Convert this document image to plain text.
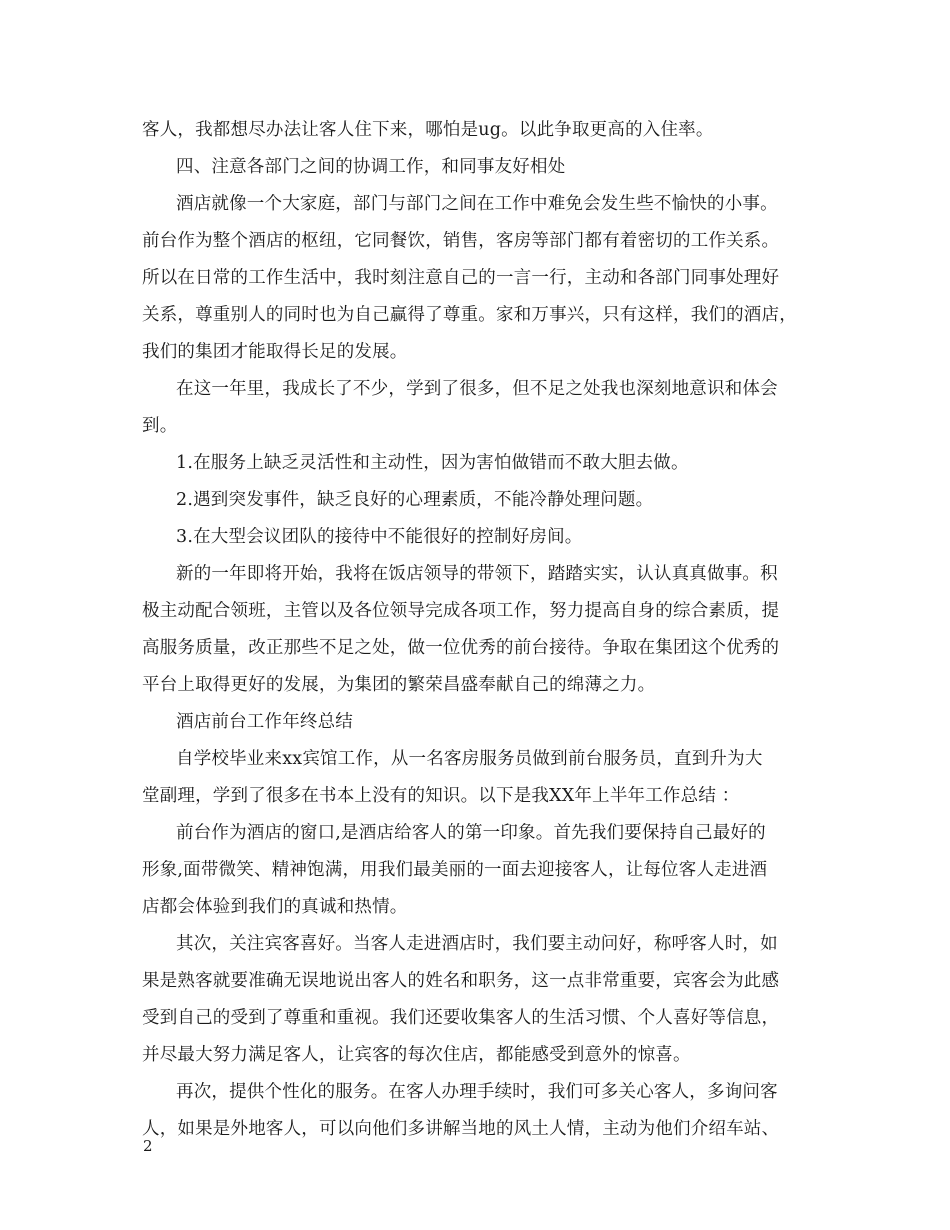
客人，我都想尽办法让客人住下来，哪怕是ug。以此争取更高的入住率。
四、注意各部门之间的协调工作，和同事友好相处
酒店就像一个大家庭，部门与部门之间在工作中难免会发生些不愉快的小事。
前台作为整个酒店的枢纽，它同餐饮，销售，客房等部门都有着密切的工作关系。
所以在日常的工作生活中，我时刻注意自己的一言一行，主动和各部门同事处理好
关系，尊重别人的同时也为自己赢得了尊重。家和万事兴，只有这样，我们的酒店，
我们的集团才能取得长足的发展。
在这一年里，我成长了不少，学到了很多，但不足之处我也深刻地意识和体会
到。
1.在服务上缺乏灵活性和主动性，因为害怕做错而不敢大胆去做。
2.遇到突发事件，缺乏良好的心理素质，不能冷静处理问题。
3.在大型会议团队的接待中不能很好的控制好房间。
新的一年即将开始，我将在饭店领导的带领下，踏踏实实，认认真真做事。积
极主动配合领班，主管以及各位领导完成各项工作，努力提高自身的综合素质，提
高服务质量，改正那些不足之处，做一位优秀的前台接待。争取在集团这个优秀的
平台上取得更好的发展，为集团的繁荣昌盛奉献自己的绵薄之力。
酒店前台工作年终总结
自学校毕业来xx宾馆工作，从一名客房服务员做到前台服务员，直到升为大
堂副理，学到了很多在书本上没有的知识。以下是我XX年上半年工作总结 ：
前台作为酒店的窗口,是酒店给客人的第一印象。首先我们要保持自己最好的
形象,面带微笑、精神饱满，用我们最美丽的一面去迎接客人，让每位客人走进酒
店都会体验到我们的真诚和热情。
其次，关注宾客喜好。当客人走进酒店时，我们要主动问好，称呼客人时，如
果是熟客就要准确无误地说出客人的姓名和职务，这一点非常重要，宾客会为此感
受到自己的受到了尊重和重视。我们还要收集客人的生活习惯、个人喜好等信息，
并尽最大努力满足客人，让宾客的每次住店，都能感受到意外的惊喜。
再次，提供个性化的服务。在客人办理手续时，我们可多关心客人，多询问客
人，如果是外地客人，可以向他们多讲解当地的风土人情，主动为他们介绍车站、
2
